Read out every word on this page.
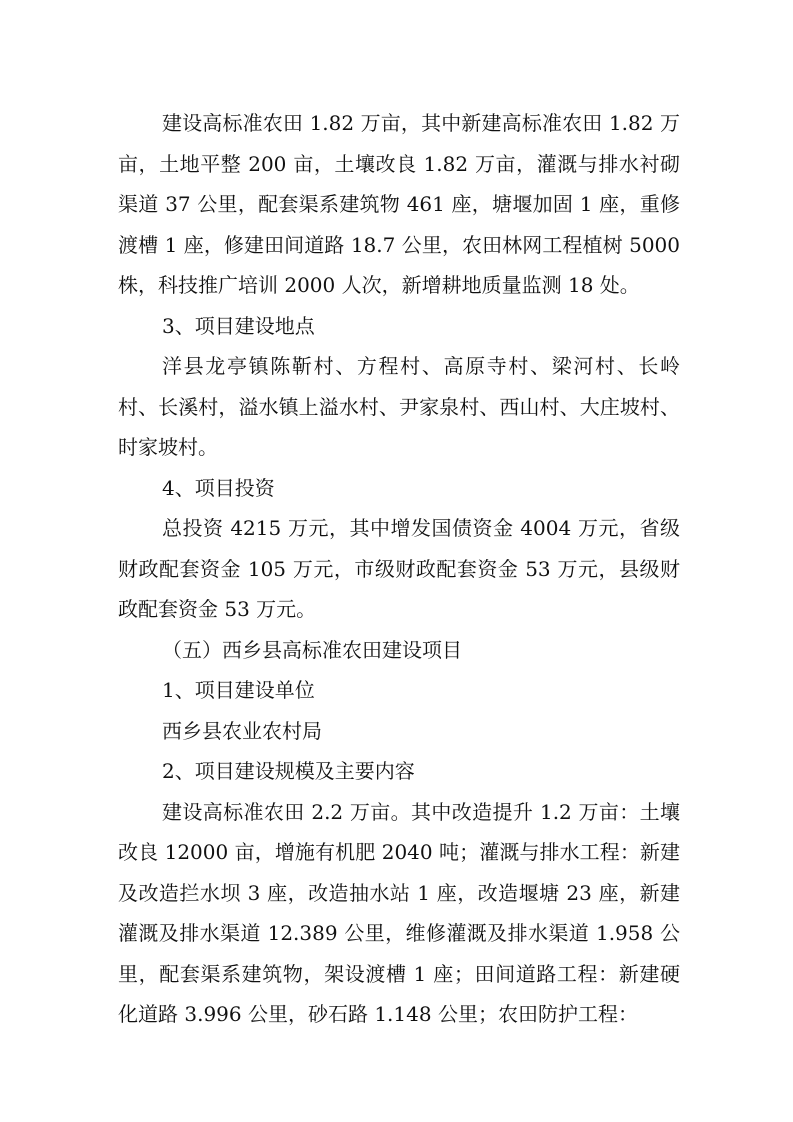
建设高标准农田 1.82 万亩，其中新建高标准农田 1.82 万亩，土地平整 200 亩，土壤改良 1.82 万亩，灌溉与排水衬砌渠道 37 公里，配套渠系建筑物 461 座，塘堰加固 1 座，重修渡槽 1 座，修建田间道路 18.7 公里，农田林网工程植树 5000 株，科技推广培训 2000 人次，新增耕地质量监测 18 处。

3、项目建设地点

洋县龙亭镇陈靳村、方程村、高原寺村、梁河村、长岭村、长溪村，溢水镇上溢水村、尹家泉村、西山村、大庄坡村、时家坡村。

4、项目投资

总投资 4215 万元，其中增发国债资金 4004 万元，省级财政配套资金 105 万元，市级财政配套资金 53 万元，县级财政配套资金 53 万元。

（五）西乡县高标准农田建设项目

1、项目建设单位

西乡县农业农村局

2、项目建设规模及主要内容

建设高标准农田 2.2 万亩。其中改造提升 1.2 万亩：土壤改良 12000 亩，增施有机肥 2040 吨；灌溉与排水工程：新建及改造拦水坝 3 座，改造抽水站 1 座，改造堰塘 23 座，新建灌溉及排水渠道 12.389 公里，维修灌溉及排水渠道 1.958 公里，配套渠系建筑物，架设渡槽 1 座；田间道路工程：新建硬化道路 3.996 公里，砂石路 1.148 公里；农田防护工程：
